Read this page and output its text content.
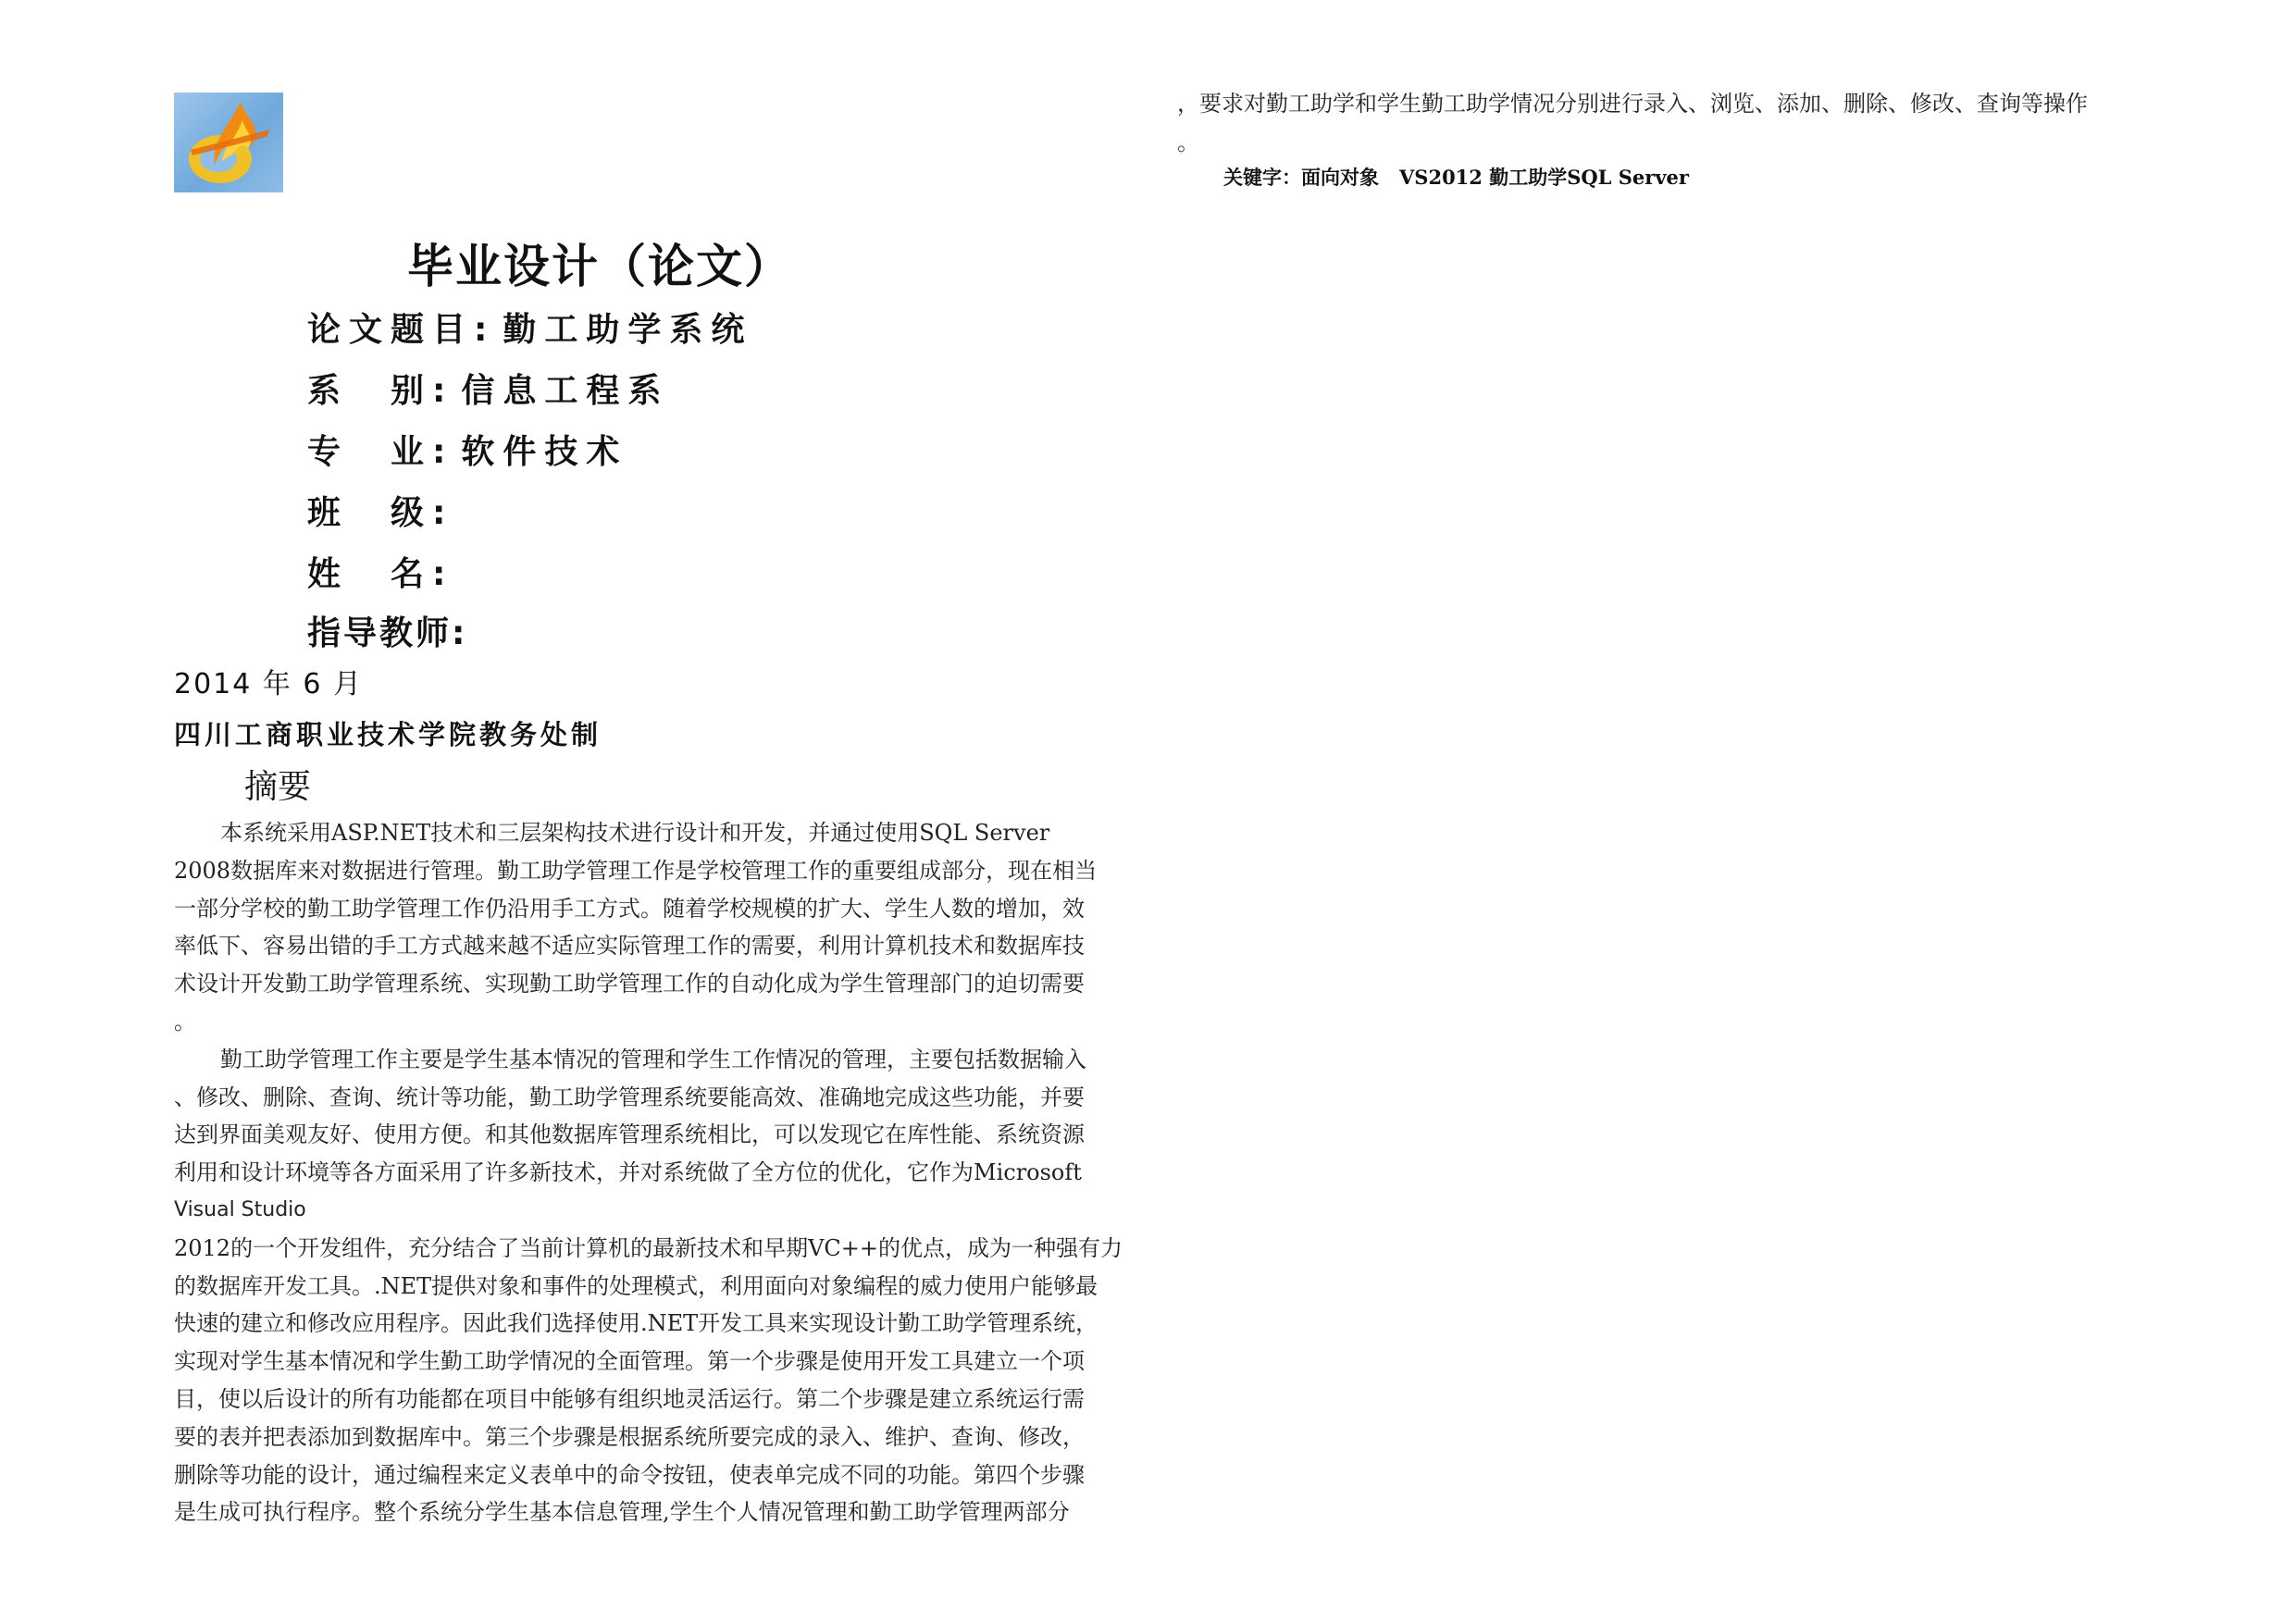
毕业设计（论文）
论文题目: 勤工助学系统
系　别: 信息工程系
专　业: 软件技术
班　级:
姓　名:
指导教师:
2014 年 6 月
四川工商职业技术学院教务处制
摘要
本系统采用ASP.NET技术和三层架构技术进行设计和开发，并通过使用SQL Server
2008数据库来对数据进行管理。勤工助学管理工作是学校管理工作的重要组成部分，现在相当
一部分学校的勤工助学管理工作仍沿用手工方式。随着学校规模的扩大、学生人数的增加，效
率低下、容易出错的手工方式越来越不适应实际管理工作的需要，利用计算机技术和数据库技
术设计开发勤工助学管理系统、实现勤工助学管理工作的自动化成为学生管理部门的迫切需要
。
勤工助学管理工作主要是学生基本情况的管理和学生工作情况的管理，主要包括数据输入
、修改、删除、查询、统计等功能，勤工助学管理系统要能高效、准确地完成这些功能，并要
达到界面美观友好、使用方便。和其他数据库管理系统相比，可以发现它在库性能、系统资源
利用和设计环境等各方面采用了许多新技术，并对系统做了全方位的优化，它作为Microsoft
Visual Studio
2012的一个开发组件，充分结合了当前计算机的最新技术和早期VC++的优点，成为一种强有力
的数据库开发工具。.NET提供对象和事件的处理模式，利用面向对象编程的威力使用户能够最
快速的建立和修改应用程序。因此我们选择使用.NET开发工具来实现设计勤工助学管理系统，
实现对学生基本情况和学生勤工助学情况的全面管理。第一个步骤是使用开发工具建立一个项
目，使以后设计的所有功能都在项目中能够有组织地灵活运行。第二个步骤是建立系统运行需
要的表并把表添加到数据库中。第三个步骤是根据系统所要完成的录入、维护、查询、修改，
删除等功能的设计，通过编程来定义表单中的命令按钮，使表单完成不同的功能。第四个步骤
是生成可执行程序。整个系统分学生基本信息管理,学生个人情况管理和勤工助学管理两部分
，要求对勤工助学和学生勤工助学情况分别进行录入、浏览、添加、删除、修改、查询等操作
。
关键字：面向对象 VS2012 勤工助学SQL Server
